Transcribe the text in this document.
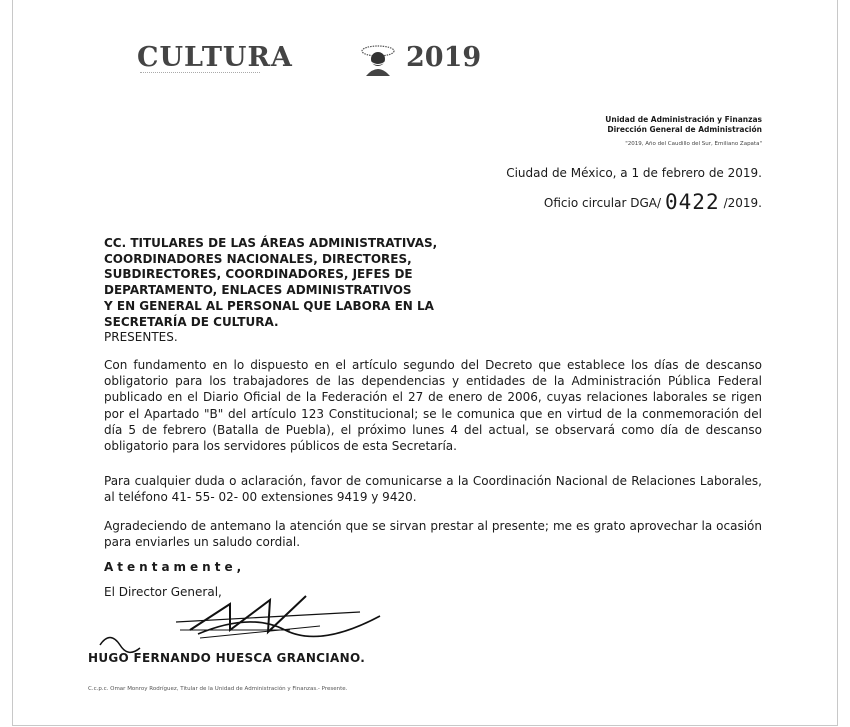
CULTURA	2019
Unidad de Administración y Finanzas
Dirección General de Administración
"2019, Año del Caudillo del Sur, Emiliano Zapata"
Ciudad de México, a 1 de febrero de 2019.
Oficio circular DGA/ 0422 /2019.
CC. TITULARES DE LAS ÁREAS ADMINISTRATIVAS,
COORDINADORES NACIONALES, DIRECTORES,
SUBDIRECTORES, COORDINADORES, JEFES DE
DEPARTAMENTO, ENLACES ADMINISTRATIVOS
Y EN GENERAL AL PERSONAL QUE LABORA EN LA
SECRETARÍA DE CULTURA.
PRESENTES.
Con fundamento en lo dispuesto en el artículo segundo del Decreto que establece los días de descanso obligatorio para los trabajadores de las dependencias y entidades de la Administración Pública Federal publicado en el Diario Oficial de la Federación el 27 de enero de 2006, cuyas relaciones laborales se rigen por el Apartado "B" del artículo 123 Constitucional; se le comunica que en virtud de la conmemoración del día 5 de febrero (Batalla de Puebla), el próximo lunes 4 del actual, se observará como día de descanso obligatorio para los servidores públicos de esta Secretaría.
Para cualquier duda o aclaración, favor de comunicarse a la Coordinación Nacional de Relaciones Laborales, al teléfono 41- 55- 02- 00 extensiones 9419 y 9420.
Agradeciendo de antemano la atención que se sirvan prestar al presente; me es grato aprovechar la ocasión para enviarles un saludo cordial.
Atentamente,
El Director General,
HUGO FERNANDO HUESCA GRANCIANO.
C.c.p.c. Omar Monroy Rodríguez, Titular de la Unidad de Administración y Finanzas.- Presente.
